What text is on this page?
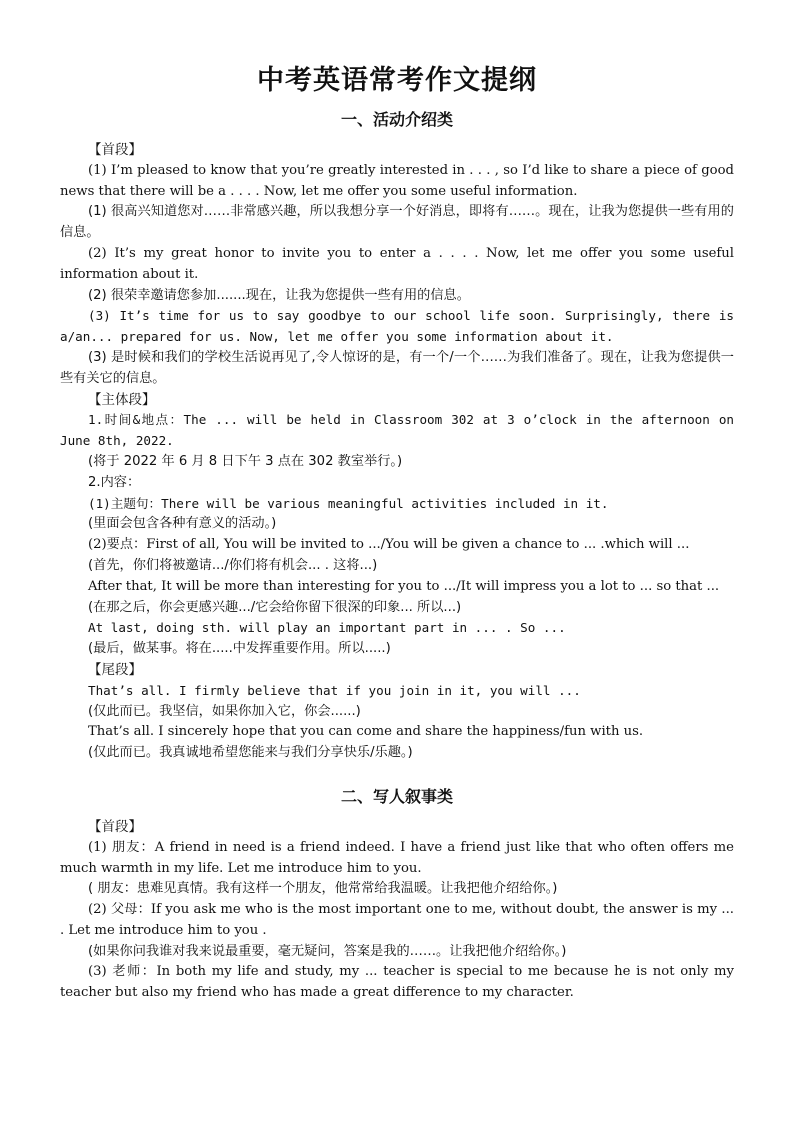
中考英语常考作文提纲
一、活动介绍类
【首段】

(1) I’m pleased to know that you’re greatly interested in . . . , so I’d like to share a piece of good news that there will be a . . . . Now, let me offer you some useful information.

(1) 很高兴知道您对……非常感兴趣，所以我想分享一个好消息，即将有……。现在，让我为您提供一些有用的信息。

(2) It’s my great honor to invite you to enter a . . . . Now, let me offer you some useful information about it.

(2) 很荣幸邀请您参加.......现在，让我为您提供一些有用的信息。

(3) It’s time for us to say goodbye to our school life soon. Surprisingly, there is a/an... prepared for us. Now, let me offer you some information about it.

(3) 是时候和我们的学校生活说再见了,令人惊讶的是，有一个/一个……为我们准备了。现在，让我为您提供一些有关它的信息。

【主体段】

1.时间&地点：The ... will be held in Classroom 302 at 3 o’clock in the afternoon on June 8th, 2022.

(将于 2022 年 6 月 8 日下午 3 点在 302 教室举行。)

2.内容：

(1)主题句：There will be various meaningful activities included in it.

(里面会包含各种有意义的活动。)

(2)要点：First of all, You will be invited to .../You will be given a chance to ... .which will ...

(首先，你们将被邀请.../你们将有机会... . 这将...)

After that, It will be more than interesting for you to .../It will impress you a lot to ... so that ...

(在那之后，你会更感兴趣.../它会给你留下很深的印象... 所以...)

At last, doing sth. will play an important part in ... . So ...

(最后，做某事。将在.....中发挥重要作用。所以.....)

【尾段】

That’s all. I firmly believe that if you join in it, you will ...

(仅此而已。我坚信，如果你加入它，你会......)

That’s all. I sincerely hope that you can come and share the happiness/fun with us.

(仅此而已。我真诚地希望您能来与我们分享快乐/乐趣。)

二、写人叙事类
【首段】

(1) 朋友：A friend in need is a friend indeed. I have a friend just like that who often offers me much warmth in my life. Let me introduce him to you.

( 朋友：患难见真情。我有这样一个朋友，他常常给我温暖。让我把他介绍给你。)

(2) 父母：If you ask me who is the most important one to me, without doubt, the answer is my ... . Let me introduce him to you .

(如果你问我谁对我来说最重要，毫无疑问，答案是我的……。让我把他介绍给你。)

(3) 老师：In both my life and study, my ... teacher is special to me because he is not only my teacher but also my friend who has made a great difference to my character.
